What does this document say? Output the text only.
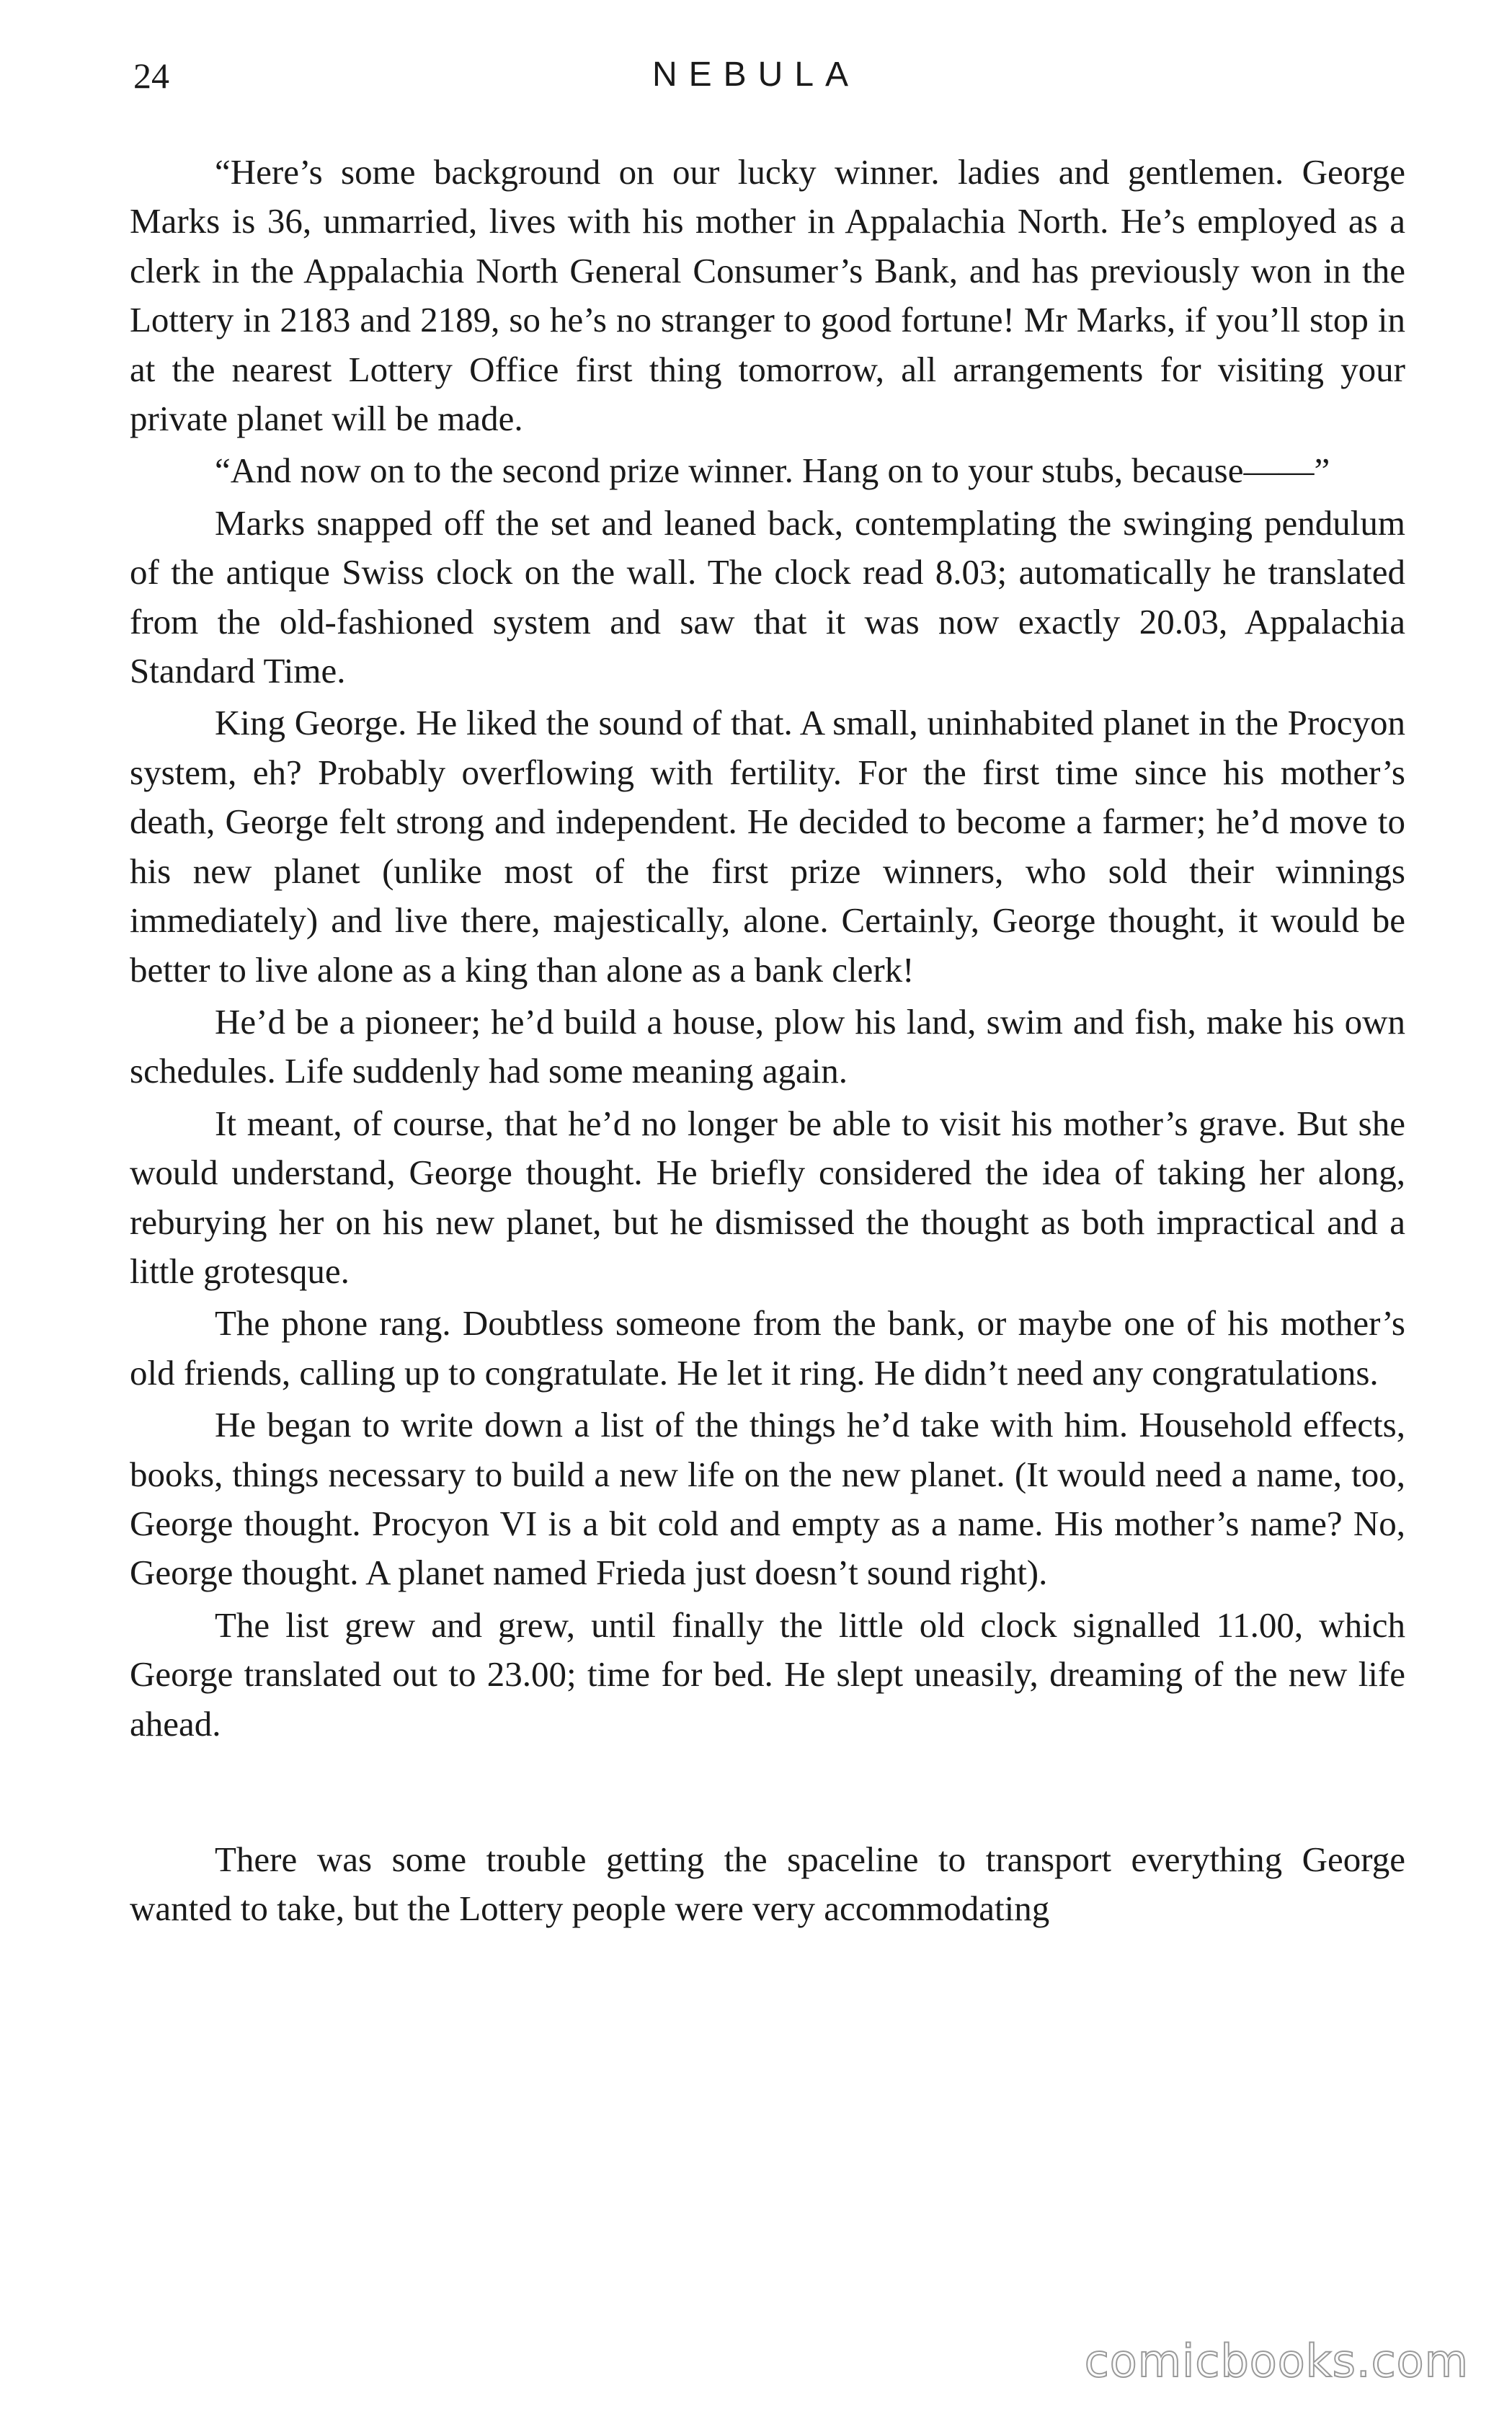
24	NEBULA

“Here’s some background on our lucky winner. ladies and gentlemen. George Marks is 36, unmarried, lives with his mother in Appalachia North. He’s employed as a clerk in the Appalachia North General Consumer’s Bank, and has previously won in the Lottery in 2183 and 2189, so he’s no stranger to good fortune! Mr Marks, if you’ll stop in at the nearest Lottery Office first thing tomorrow, all arrangements for visiting your private planet will be made.

“And now on to the second prize winner. Hang on to your stubs, because——”

Marks snapped off the set and leaned back, contemplating the swinging pendulum of the antique Swiss clock on the wall. The clock read 8.03; automatically he translated from the old-fashioned system and saw that it was now exactly 20.03, Appalachia Standard Time.

King George. He liked the sound of that. A small, uninhabited planet in the Procyon system, eh? Probably overflowing with fertility. For the first time since his mother’s death, George felt strong and independent. He decided to become a farmer; he’d move to his new planet (unlike most of the first prize winners, who sold their winnings immediately) and live there, majestically, alone. Certainly, George thought, it would be better to live alone as a king than alone as a bank clerk!

He’d be a pioneer; he’d build a house, plow his land, swim and fish, make his own schedules. Life suddenly had some meaning again.

It meant, of course, that he’d no longer be able to visit his mother’s grave. But she would understand, George thought. He briefly considered the idea of taking her along, reburying her on his new planet, but he dismissed the thought as both impractical and a little grotesque.

The phone rang. Doubtless someone from the bank, or maybe one of his mother’s old friends, calling up to congratulate. He let it ring. He didn’t need any congratulations.

He began to write down a list of the things he’d take with him. Household effects, books, things necessary to build a new life on the new planet. (It would need a name, too, George thought. Procyon VI is a bit cold and empty as a name. His mother’s name? No, George thought. A planet named Frieda just doesn’t sound right).

The list grew and grew, until finally the little old clock signalled 11.00, which George translated out to 23.00; time for bed. He slept uneasily, dreaming of the new life ahead.

There was some trouble getting the spaceline to transport everything George wanted to take, but the Lottery people were very accommodating

comicbooks.com
